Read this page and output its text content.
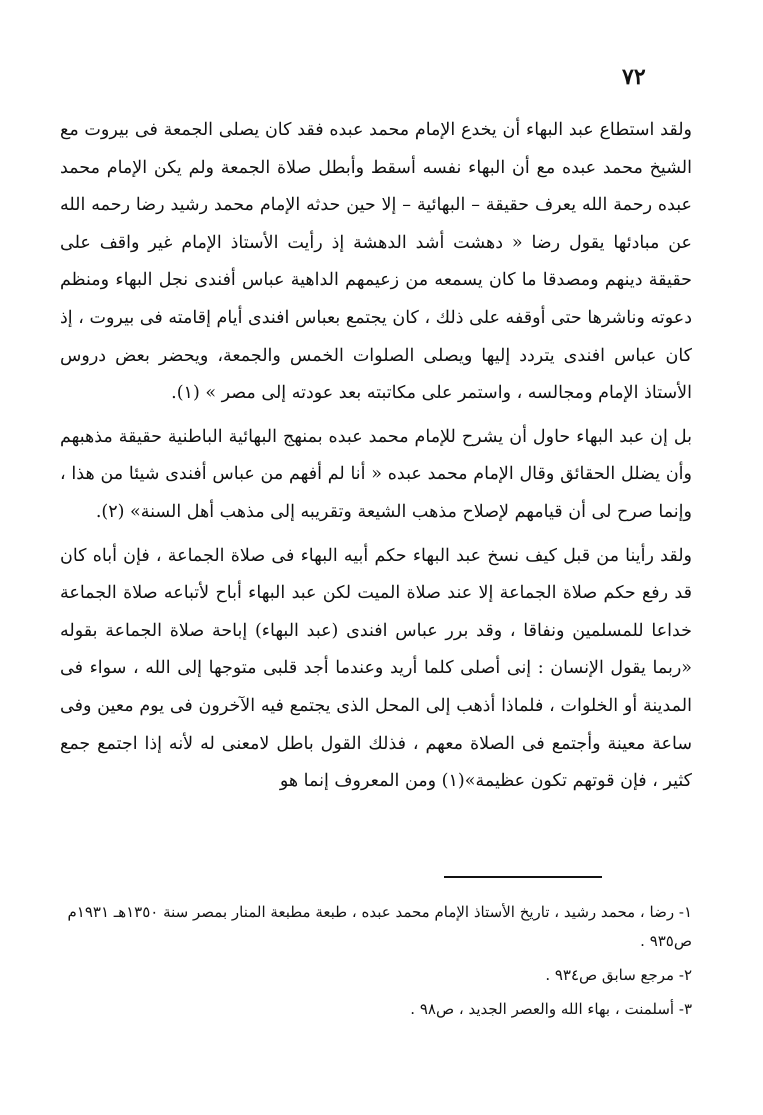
٧٢

ولقد استطاع عبد البهاء أن يخدع الإمام محمد عبده فقد كان يصلى الجمعة فى بيروت مع الشيخ محمد عبده مع أن البهاء نفسه أسقط وأبطل صلاة الجمعة ولم يكن الإمام محمد عبده رحمة الله يعرف حقيقة – البهائية – إلا حين حدثه الإمام محمد رشيد رضا رحمه الله عن مبادئها يقول رضا « دهشت أشد الدهشة إذ رأيت الأستاذ الإمام غير واقف على حقيقة دينهم ومصدقا ما كان يسمعه من زعيمهم الداهية عباس أفندى نجل البهاء ومنظم دعوته وناشرها حتى أوقفه على ذلك ، كان يجتمع بعباس افندى أيام إقامته فى بيروت ، إذ كان عباس افندى يتردد إليها ويصلى الصلوات الخمس والجمعة، ويحضر بعض دروس الأستاذ الإمام ومجالسه ، واستمر على مكاتبته بعد عودته إلى مصر » (١).

بل إن عبد البهاء حاول أن يشرح للإمام محمد عبده بمنهج البهائية الباطنية حقيقة مذهبهم وأن يضلل الحقائق وقال الإمام محمد عبده « أنا لم أفهم من عباس أفندى شيئا من هذا ، وإنما صرح لى أن قيامهم لإصلاح مذهب الشيعة وتقريبه إلى مذهب أهل السنة» (٢).

ولقد رأينا من قبل كيف نسخ عبد البهاء حكم أبيه البهاء فى صلاة الجماعة ، فإن أباه كان قد رفع حكم صلاة الجماعة إلا عند صلاة الميت لكن عبد البهاء أباح لأتباعه صلاة الجماعة خداعا للمسلمين ونفاقا ، وقد برر عباس افندى (عبد البهاء) إباحة صلاة الجماعة بقوله «ربما يقول الإنسان : إنى أصلى كلما أريد وعندما أجد قلبى متوجها إلى الله ، سواء فى المدينة أو الخلوات ، فلماذا أذهب إلى المحل الذى يجتمع فيه الآخرون فى يوم معين وفى ساعة معينة وأجتمع فى الصلاة معهم ، فذلك القول باطل لامعنى له لأنه إذا اجتمع جمع كثير ، فإن قوتهم تكون عظيمة»(١) ومن المعروف إنما هو

١- رضا ، محمد رشيد ، تاريخ الأستاذ الإمام محمد عبده ، طبعة مطبعة المنار بمصر سنة ١٣٥٠هـ ١٩٣١م ص٩٣٥ .

٢- مرجع سابق ص٩٣٤ .

٣- أسلمنت ، بهاء الله والعصر الجديد ، ص٩٨ .
